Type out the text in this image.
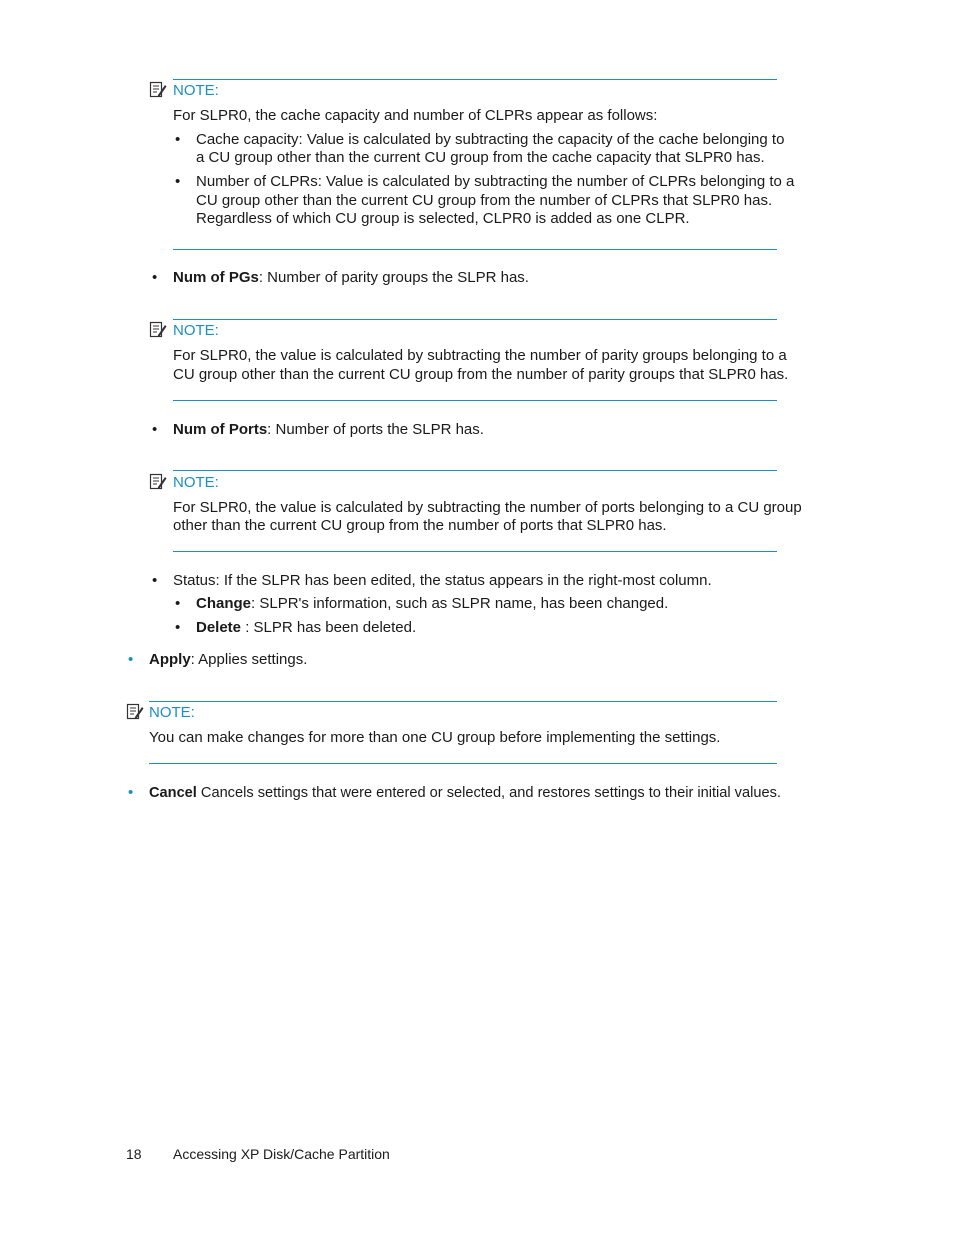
NOTE:
For SLPR0, the cache capacity and number of CLPRs appear as follows:
• Cache capacity: Value is calculated by subtracting the capacity of the cache belonging to
a CU group other than the current CU group from the cache capacity that SLPR0 has.
• Number of CLPRs: Value is calculated by subtracting the number of CLPRs belonging to a
CU group other than the current CU group from the number of CLPRs that SLPR0 has.
Regardless of which CU group is selected, CLPR0 is added as one CLPR.
• Num of PGs: Number of parity groups the SLPR has.
NOTE:
For SLPR0, the value is calculated by subtracting the number of parity groups belonging to a
CU group other than the current CU group from the number of parity groups that SLPR0 has.
• Num of Ports: Number of ports the SLPR has.
NOTE:
For SLPR0, the value is calculated by subtracting the number of ports belonging to a CU group
other than the current CU group from the number of ports that SLPR0 has.
• Status: If the SLPR has been edited, the status appears in the right-most column.
• Change: SLPR's information, such as SLPR name, has been changed.
• Delete : SLPR has been deleted.
• Apply: Applies settings.
NOTE:
You can make changes for more than one CU group before implementing the settings.
• Cancel Cancels settings that were entered or selected, and restores settings to their initial values.
18 Accessing XP Disk/Cache Partition
